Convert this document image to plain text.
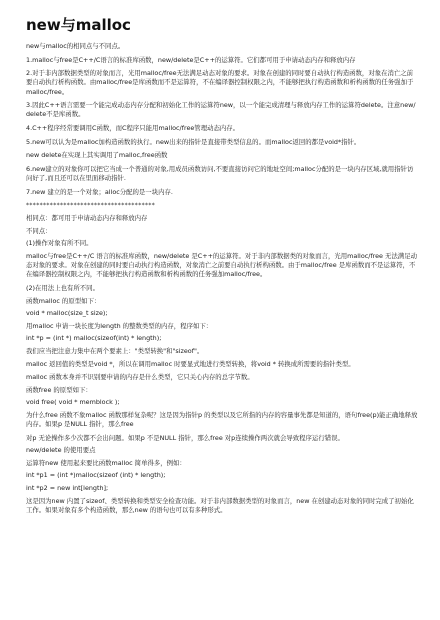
new与malloc
new与malloc的相同点与不同点。
1.malloc与free是C++/C语言的标准库函数，new/delete是C++的运算符。它们都可用于申请动态内存和释放内存
2.对于非内部数据类型的对象而言，光用malloc/free无法满足动态对象的要求。对象在创建的同时要自动执行构造函数，对象在消亡之前要自动执行析构函数。由malloc/free是库函数而不是运算符，不在编译器控制权限之内，不能够把执行构造函数和析构函数的任务强加于malloc/free。
3.因此C++语言需要一个能完成动态内存分配和初始化工作的运算符new，以一个能完成清理与释放内存工作的运算符delete。注意new/delete不是库函数。
4.C++程序经常要调用C函数，而C程序只能用malloc/free管理动态内存。
5.new可以认为是malloc加构造函数的执行。new出来的指针是直接带类型信息的。而malloc返回的都是void*指针。
new delete在实现上其实调用了malloc,free函数
6.new建立的对象你可以把它当成一个普通的对象,用成员函数访问,不要直接访问它的地址空间;malloc分配的是一块内存区域,就用指针访问好了,而且还可以在里面移动指针.
7.new 建立的是一个对象；alloc分配的是一块内存.
**************************************
相同点：都可用于申请动态内存和释放内存
不同点：
(1)操作对象有所不同。
malloc与free是C++/C 语言的标准库函数，new/delete 是C++的运算符。对于非内部数据类的对象而言，光用malloc/free 无法满足动态对象的要求。对象在创建的同时要自动执行构造函数，对象消亡之前要自动执行析构函数。由于malloc/free 是库函数而不是运算符，不在编译器控制权限之内，不能够把执行构造函数和析构函数的任务强加malloc/free。
(2)在用法上也有所不同。
函数malloc 的原型如下：
void * malloc(size_t size);
用malloc 申请一块长度为length 的整数类型的内存，程序如下：
int *p = (int *) malloc(sizeof(int) * length);
我们应当把注意力集中在两个要素上："类型转换"和"sizeof"。
malloc 返回值的类型是void *，所以在调用malloc 时要显式地进行类型转换，将void * 转换成所需要的指针类型。
malloc 函数本身并不识别要申请的内存是什么类型，它只关心内存的总字节数。
函数free 的原型如下：
void free( void * memblock );
为什么free 函数不象malloc 函数那样复杂呢？这是因为指针p 的类型以及它所指的内存的容量事先都是知道的，语句free(p)能正确地释放内存。如果p 是NULL 指针，那么free
对p 无论操作多少次都不会出问题。如果p 不是NULL 指针，那么free 对p连续操作两次就会导致程序运行错误。
new/delete 的使用要点
运算符new 使用起来要比函数malloc 简单得多，例如：
int *p1 = (int *)malloc(sizeof (int) * length);
int *p2 = new int[length];
这是因为new 内置了sizeof、类型转换和类型安全检查功能。对于非内部数据类型的对象而言，new 在创建动态对象的同时完成了初始化工作。如果对象有多个构造函数，那么new 的语句也可以有多种形式。
